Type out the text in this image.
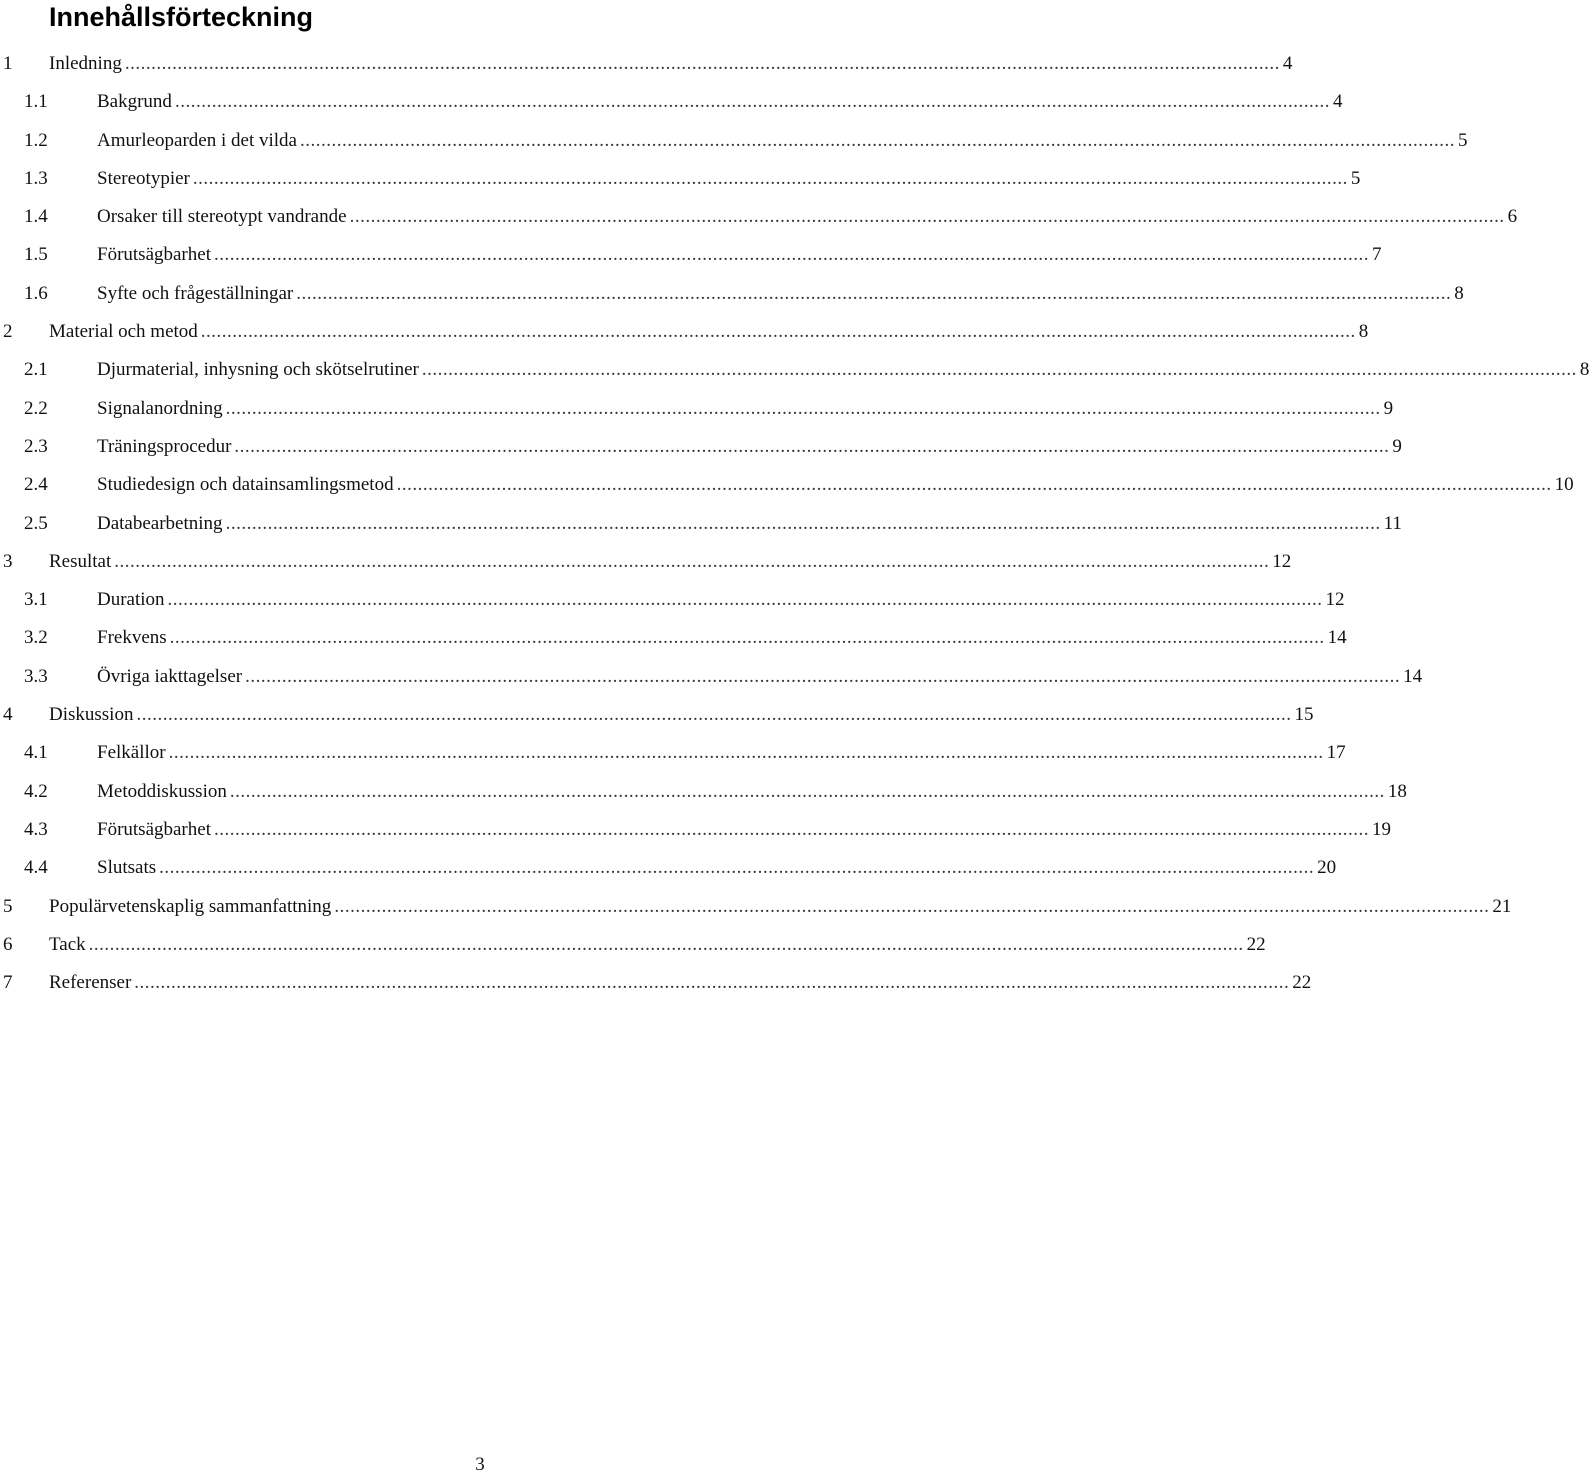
Innehållsförteckning
1 Inledning ............................................................................................................................................................................................................................ 4
1.1	Bakgrund ............................................................................................................................................................................................................................ 4
1.2	Amurleoparden i det vilda ............................................................................................................................................................................................................................ 5
1.3	Stereotypier ............................................................................................................................................................................................................................ 5
1.4	Orsaker till stereotypt vandrande ............................................................................................................................................................................................................................ 6
1.5	Förutsägbarhet ............................................................................................................................................................................................................................ 7
1.6	Syfte och frågeställningar ............................................................................................................................................................................................................................ 8
2 Material och metod ............................................................................................................................................................................................................................ 8
2.1	Djurmaterial, inhysning och skötselrutiner ............................................................................................................................................................................................................................ 8
2.2	Signalanordning ............................................................................................................................................................................................................................ 9
2.3	Träningsprocedur ............................................................................................................................................................................................................................ 9
2.4	Studiedesign och datainsamlingsmetod ............................................................................................................................................................................................................................ 10
2.5	Databearbetning ............................................................................................................................................................................................................................ 11
3 Resultat ............................................................................................................................................................................................................................ 12
3.1	Duration ............................................................................................................................................................................................................................ 12
3.2	Frekvens ............................................................................................................................................................................................................................ 14
3.3	Övriga iakttagelser ............................................................................................................................................................................................................................ 14
4 Diskussion ............................................................................................................................................................................................................................ 15
4.1	Felkällor ............................................................................................................................................................................................................................ 17
4.2	Metoddiskussion ............................................................................................................................................................................................................................ 18
4.3	Förutsägbarhet ............................................................................................................................................................................................................................ 19
4.4	Slutsats ............................................................................................................................................................................................................................ 20
5 Populärvetenskaplig sammanfattning ............................................................................................................................................................................................................................ 21
6 Tack ............................................................................................................................................................................................................................ 22
7 Referenser ............................................................................................................................................................................................................................ 22
3
